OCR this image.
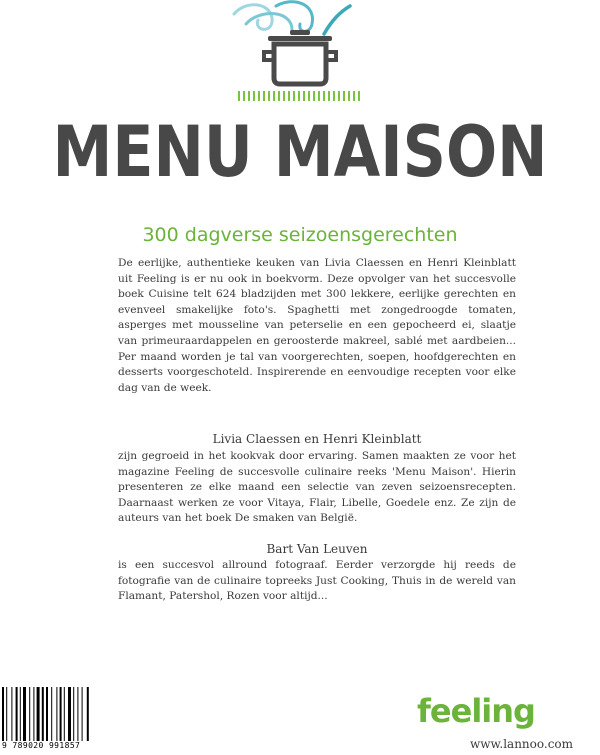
MENU MAISON
300 dagverse seizoensgerechten

De eerlijke, authentieke keuken van Livia Claessen en Henri Kleinblatt uit Feeling is er nu ook in boekvorm. Deze opvolger van het succesvolle boek Cuisine telt 624 bladzijden met 300 lekkere, eerlijke gerechten en evenveel smakelijke foto's. Spaghetti met zongedroogde tomaten, asperges met mousseline van peterselie en een gepocheerd ei, slaatje van primeuraardappelen en geroosterde makreel, sablé met aardbeien... Per maand worden je tal van voorgerechten, soepen, hoofdgerechten en desserts voorgeschoteld. Inspirerende en eenvoudige recepten voor elke dag van de week.

Livia Claessen en Henri Kleinblatt

zijn gegroeid in het kookvak door ervaring. Samen maakten ze voor het magazine Feeling de succesvolle culinaire reeks 'Menu Maison'. Hierin presenteren ze elke maand een selectie van zeven seizoensrecepten. Daarnaast werken ze voor Vitaya, Flair, Libelle, Goedele enz. Ze zijn de auteurs van het boek De smaken van België.

Bart Van Leuven

is een succesvol allround fotograaf. Eerder verzorgde hij reeds de fotografie van de culinaire topreeks Just Cooking, Thuis in de wereld van Flamant, Patershol, Rozen voor altijd...

9 789020 991857
feeling
www.lannoo.com
